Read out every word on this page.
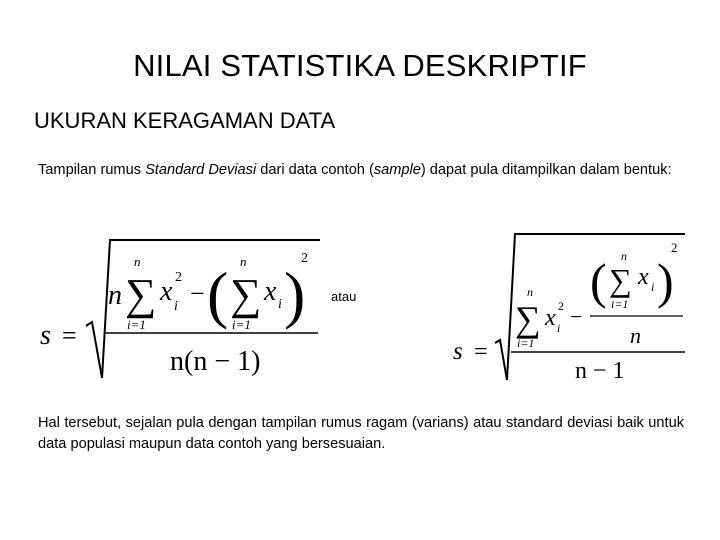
NILAI STATISTIKA DESKRIPTIF
UKURAN KERAGAMAN DATA
Tampilan rumus Standard Deviasi dari data contoh (sample) dapat pula ditampilkan dalam bentuk:
s =
n
n
∑
i=1
x 2
i − ( n
∑
i=1
x i )
2
n(n − 1)
atau
s =
n
∑
i=1
x 2
i −
( n
∑
i=1
x i )
2
n
n − 1
Hal tersebut, sejalan pula dengan tampilan rumus ragam (varians) atau standard deviasi baik untuk data populasi maupun data contoh yang bersesuaian.
